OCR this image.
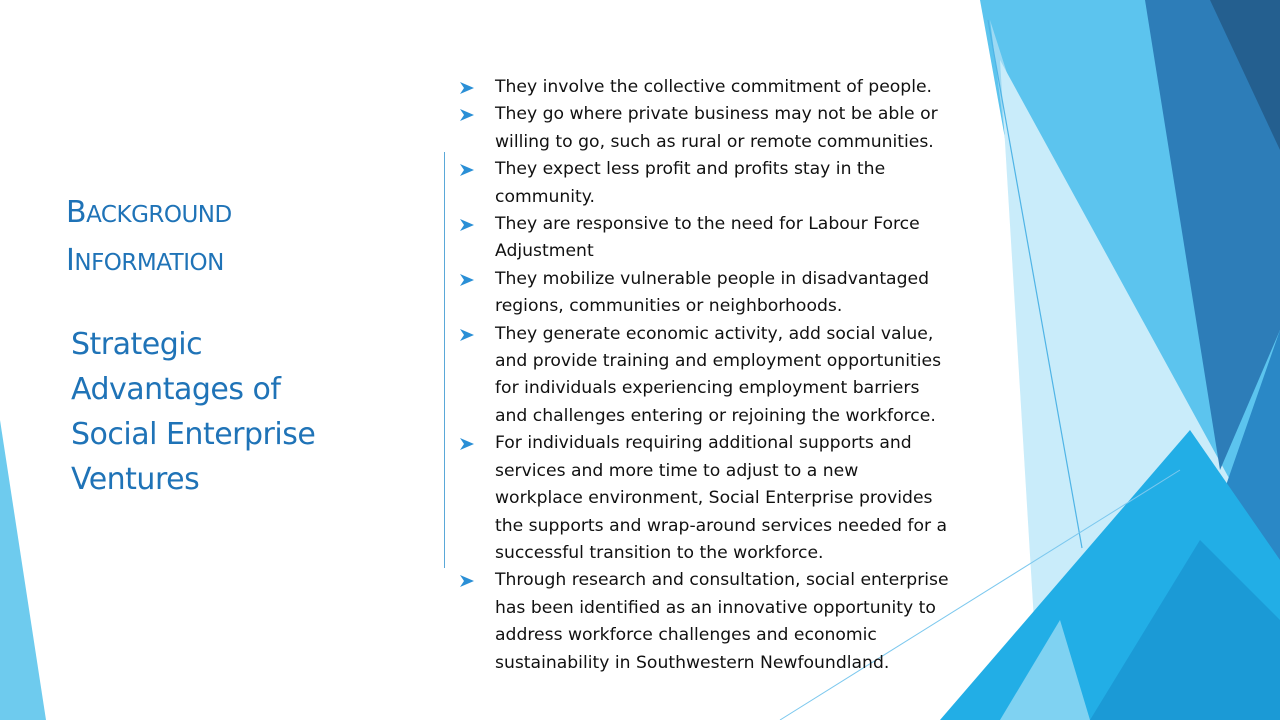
BACKGROUND
INFORMATION
Strategic
Advantages of
Social Enterprise
Ventures
They involve the collective commitment of people.
They go where private business may not be able or
willing to go, such as rural or remote communities.
They expect less profit and profits stay in the
community.
They are responsive to the need for Labour Force
Adjustment
They mobilize vulnerable people in disadvantaged
regions, communities or neighborhoods.
They generate economic activity, add social value,
and provide training and employment opportunities
for individuals experiencing employment barriers
and challenges entering or rejoining the workforce.
For individuals requiring additional supports and
services and more time to adjust to a new
workplace environment, Social Enterprise provides
the supports and wrap-around services needed for a
successful transition to the workforce.
Through research and consultation, social enterprise
has been identified as an innovative opportunity to
address workforce challenges and economic
sustainability in Southwestern Newfoundland.
